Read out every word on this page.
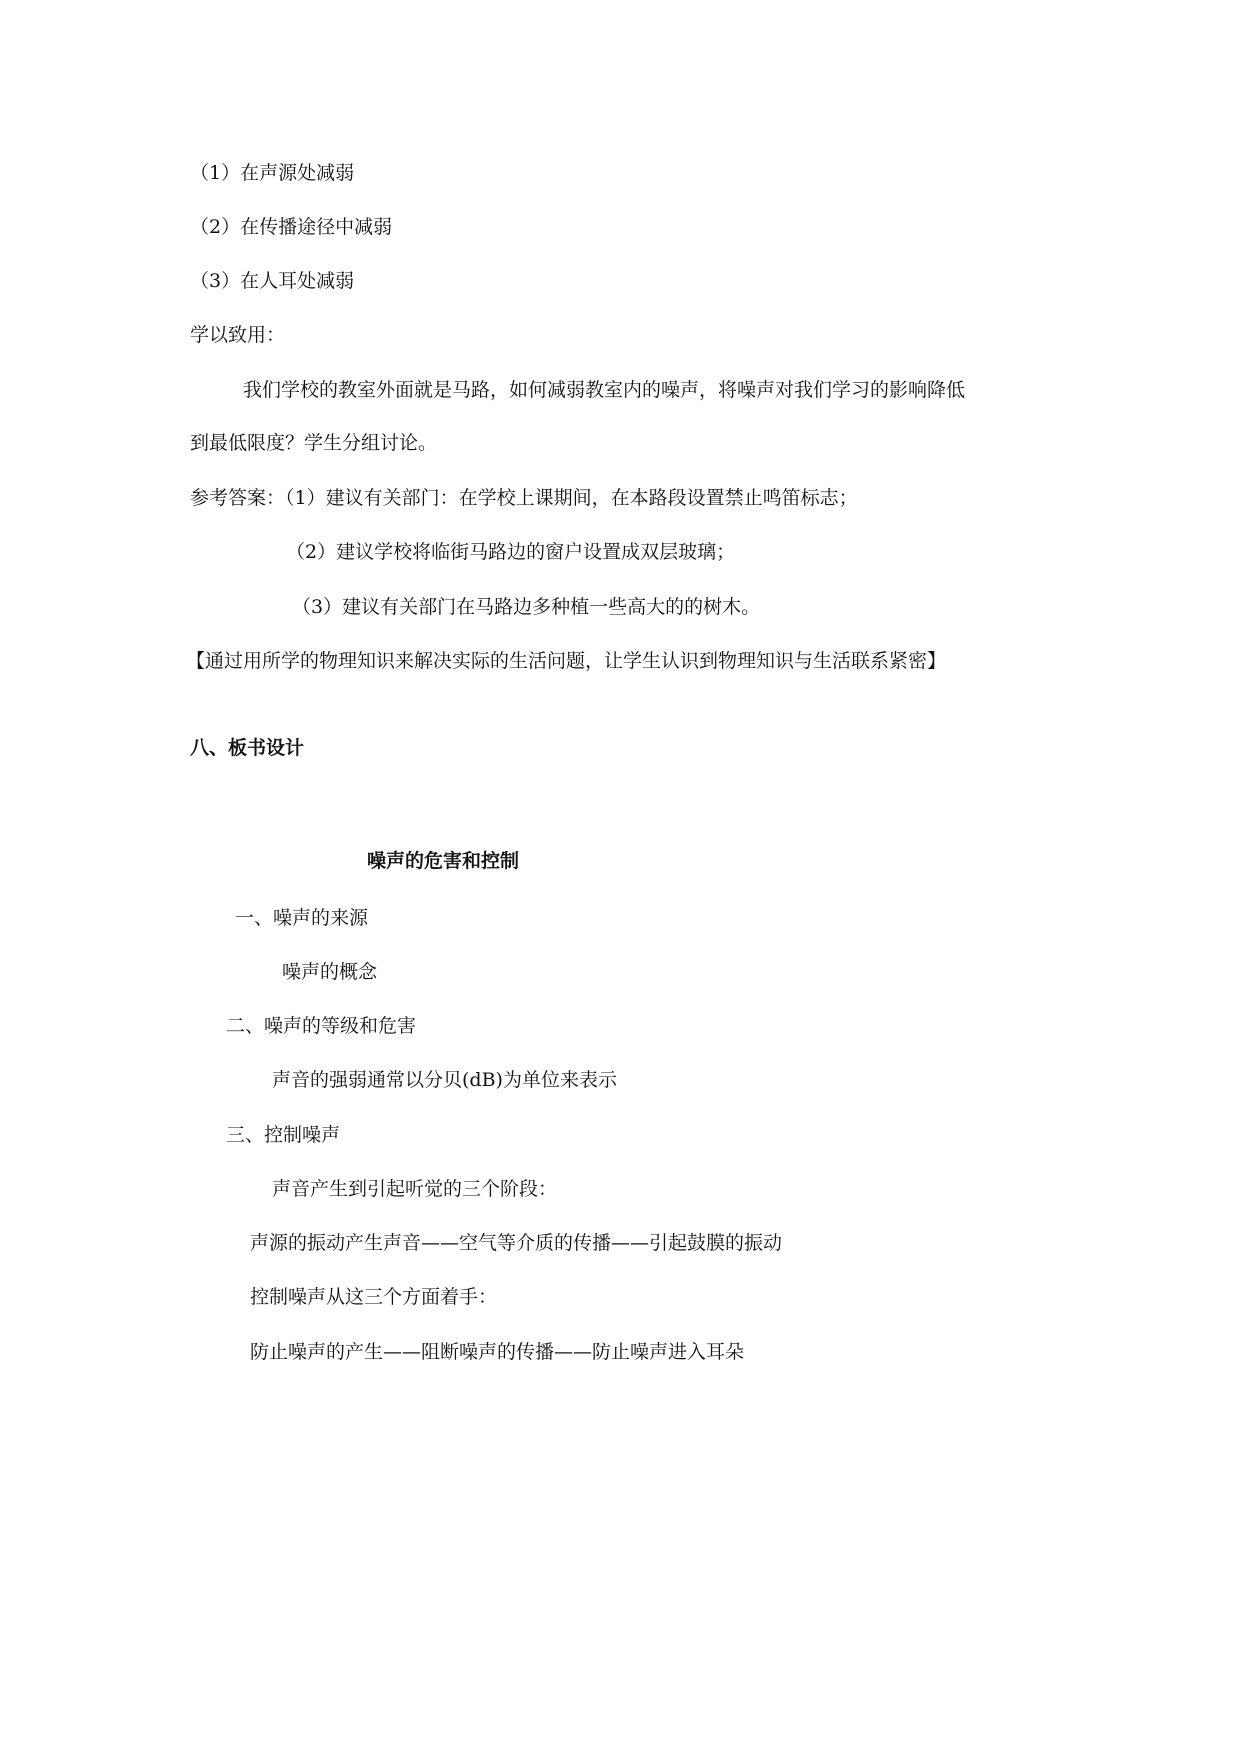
（1）在声源处减弱
（2）在传播途径中减弱
（3）在人耳处减弱
学以致用：
我们学校的教室外面就是马路，如何减弱教室内的噪声，将噪声对我们学习的影响降低
到最低限度？学生分组讨论。
参考答案：（1）建议有关部门：在学校上课期间，在本路段设置禁止鸣笛标志；
（2）建议学校将临街马路边的窗户设置成双层玻璃；
（3）建议有关部门在马路边多种植一些高大的的树木。
【通过用所学的物理知识来解决实际的生活问题，让学生认识到物理知识与生活联系紧密】
八、板书设计
噪声的危害和控制
一、噪声的来源
噪声的概念
二、噪声的等级和危害
声音的强弱通常以分贝(dB)为单位来表示
三、控制噪声
声音产生到引起听觉的三个阶段：
声源的振动产生声音——空气等介质的传播——引起鼓膜的振动
控制噪声从这三个方面着手：
防止噪声的产生——阻断噪声的传播——防止噪声进入耳朵
